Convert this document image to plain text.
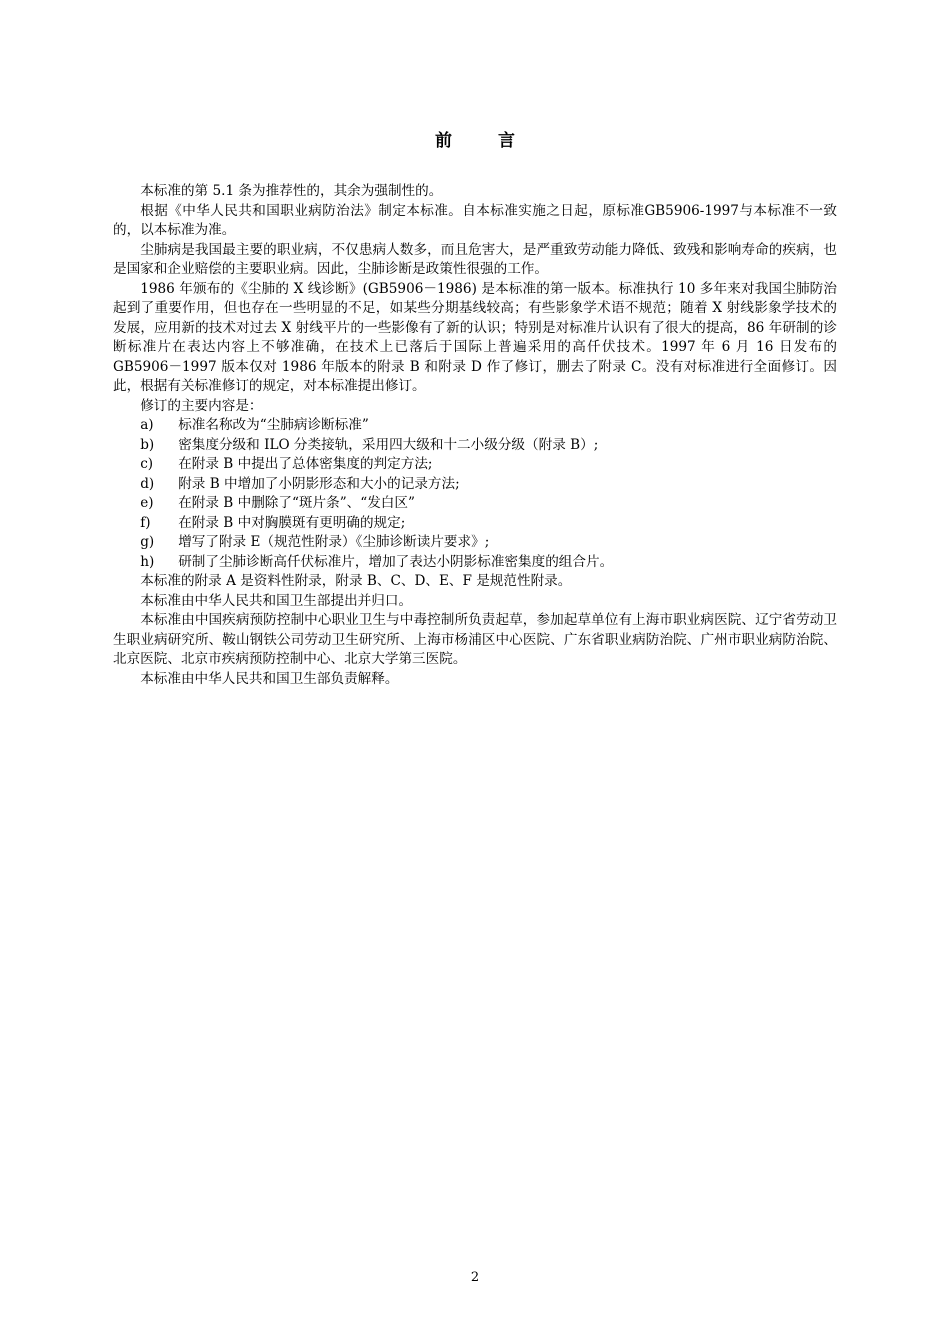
前 言

本标准的第 5.1 条为推荐性的，其余为强制性的。

根据《中华人民共和国职业病防治法》制定本标准。自本标准实施之日起，原标准GB5906-1997与本标准不一致的，以本标准为准。

尘肺病是我国最主要的职业病，不仅患病人数多，而且危害大，是严重致劳动能力降低、致残和影响寿命的疾病，也是国家和企业赔偿的主要职业病。因此，尘肺诊断是政策性很强的工作。

1986 年颁布的《尘肺的 X 线诊断》(GB5906－1986) 是本标准的第一版本。标准执行 10 多年来对我国尘肺防治起到了重要作用，但也存在一些明显的不足，如某些分期基线较高；有些影象学术语不规范；随着 X 射线影象学技术的发展，应用新的技术对过去 X 射线平片的一些影像有了新的认识；特别是对标准片认识有了很大的提高，86 年研制的诊断标准片在表达内容上不够准确，在技术上已落后于国际上普遍采用的高仟伏技术。1997 年 6 月 16 日发布的 GB5906－1997 版本仅对 1986 年版本的附录 B 和附录 D 作了修订，删去了附录 C。没有对标准进行全面修订。因此，根据有关标准修订的规定，对本标准提出修订。

修订的主要内容是：

a)	标准名称改为“尘肺病诊断标准”
b)	密集度分级和 ILO 分类接轨，采用四大级和十二小级分级（附录 B）;
c)	在附录 B 中提出了总体密集度的判定方法;
d)	附录 B 中增加了小阴影形态和大小的记录方法;
e)	在附录 B 中删除了“斑片条”、“发白区”
f)	在附录 B 中对胸膜斑有更明确的规定;
g)	增写了附录 E（规范性附录）《尘肺诊断读片要求》;
h)	研制了尘肺诊断高仟伏标准片，增加了表达小阴影标准密集度的组合片。

本标准的附录 A 是资料性附录，附录 B、C、D、E、F 是规范性附录。

本标准由中华人民共和国卫生部提出并归口。

本标准由中国疾病预防控制中心职业卫生与中毒控制所负责起草，参加起草单位有上海市职业病医院、辽宁省劳动卫生职业病研究所、鞍山钢铁公司劳动卫生研究所、上海市杨浦区中心医院、广东省职业病防治院、广州市职业病防治院、北京医院、北京市疾病预防控制中心、北京大学第三医院。

本标准由中华人民共和国卫生部负责解释。

2
